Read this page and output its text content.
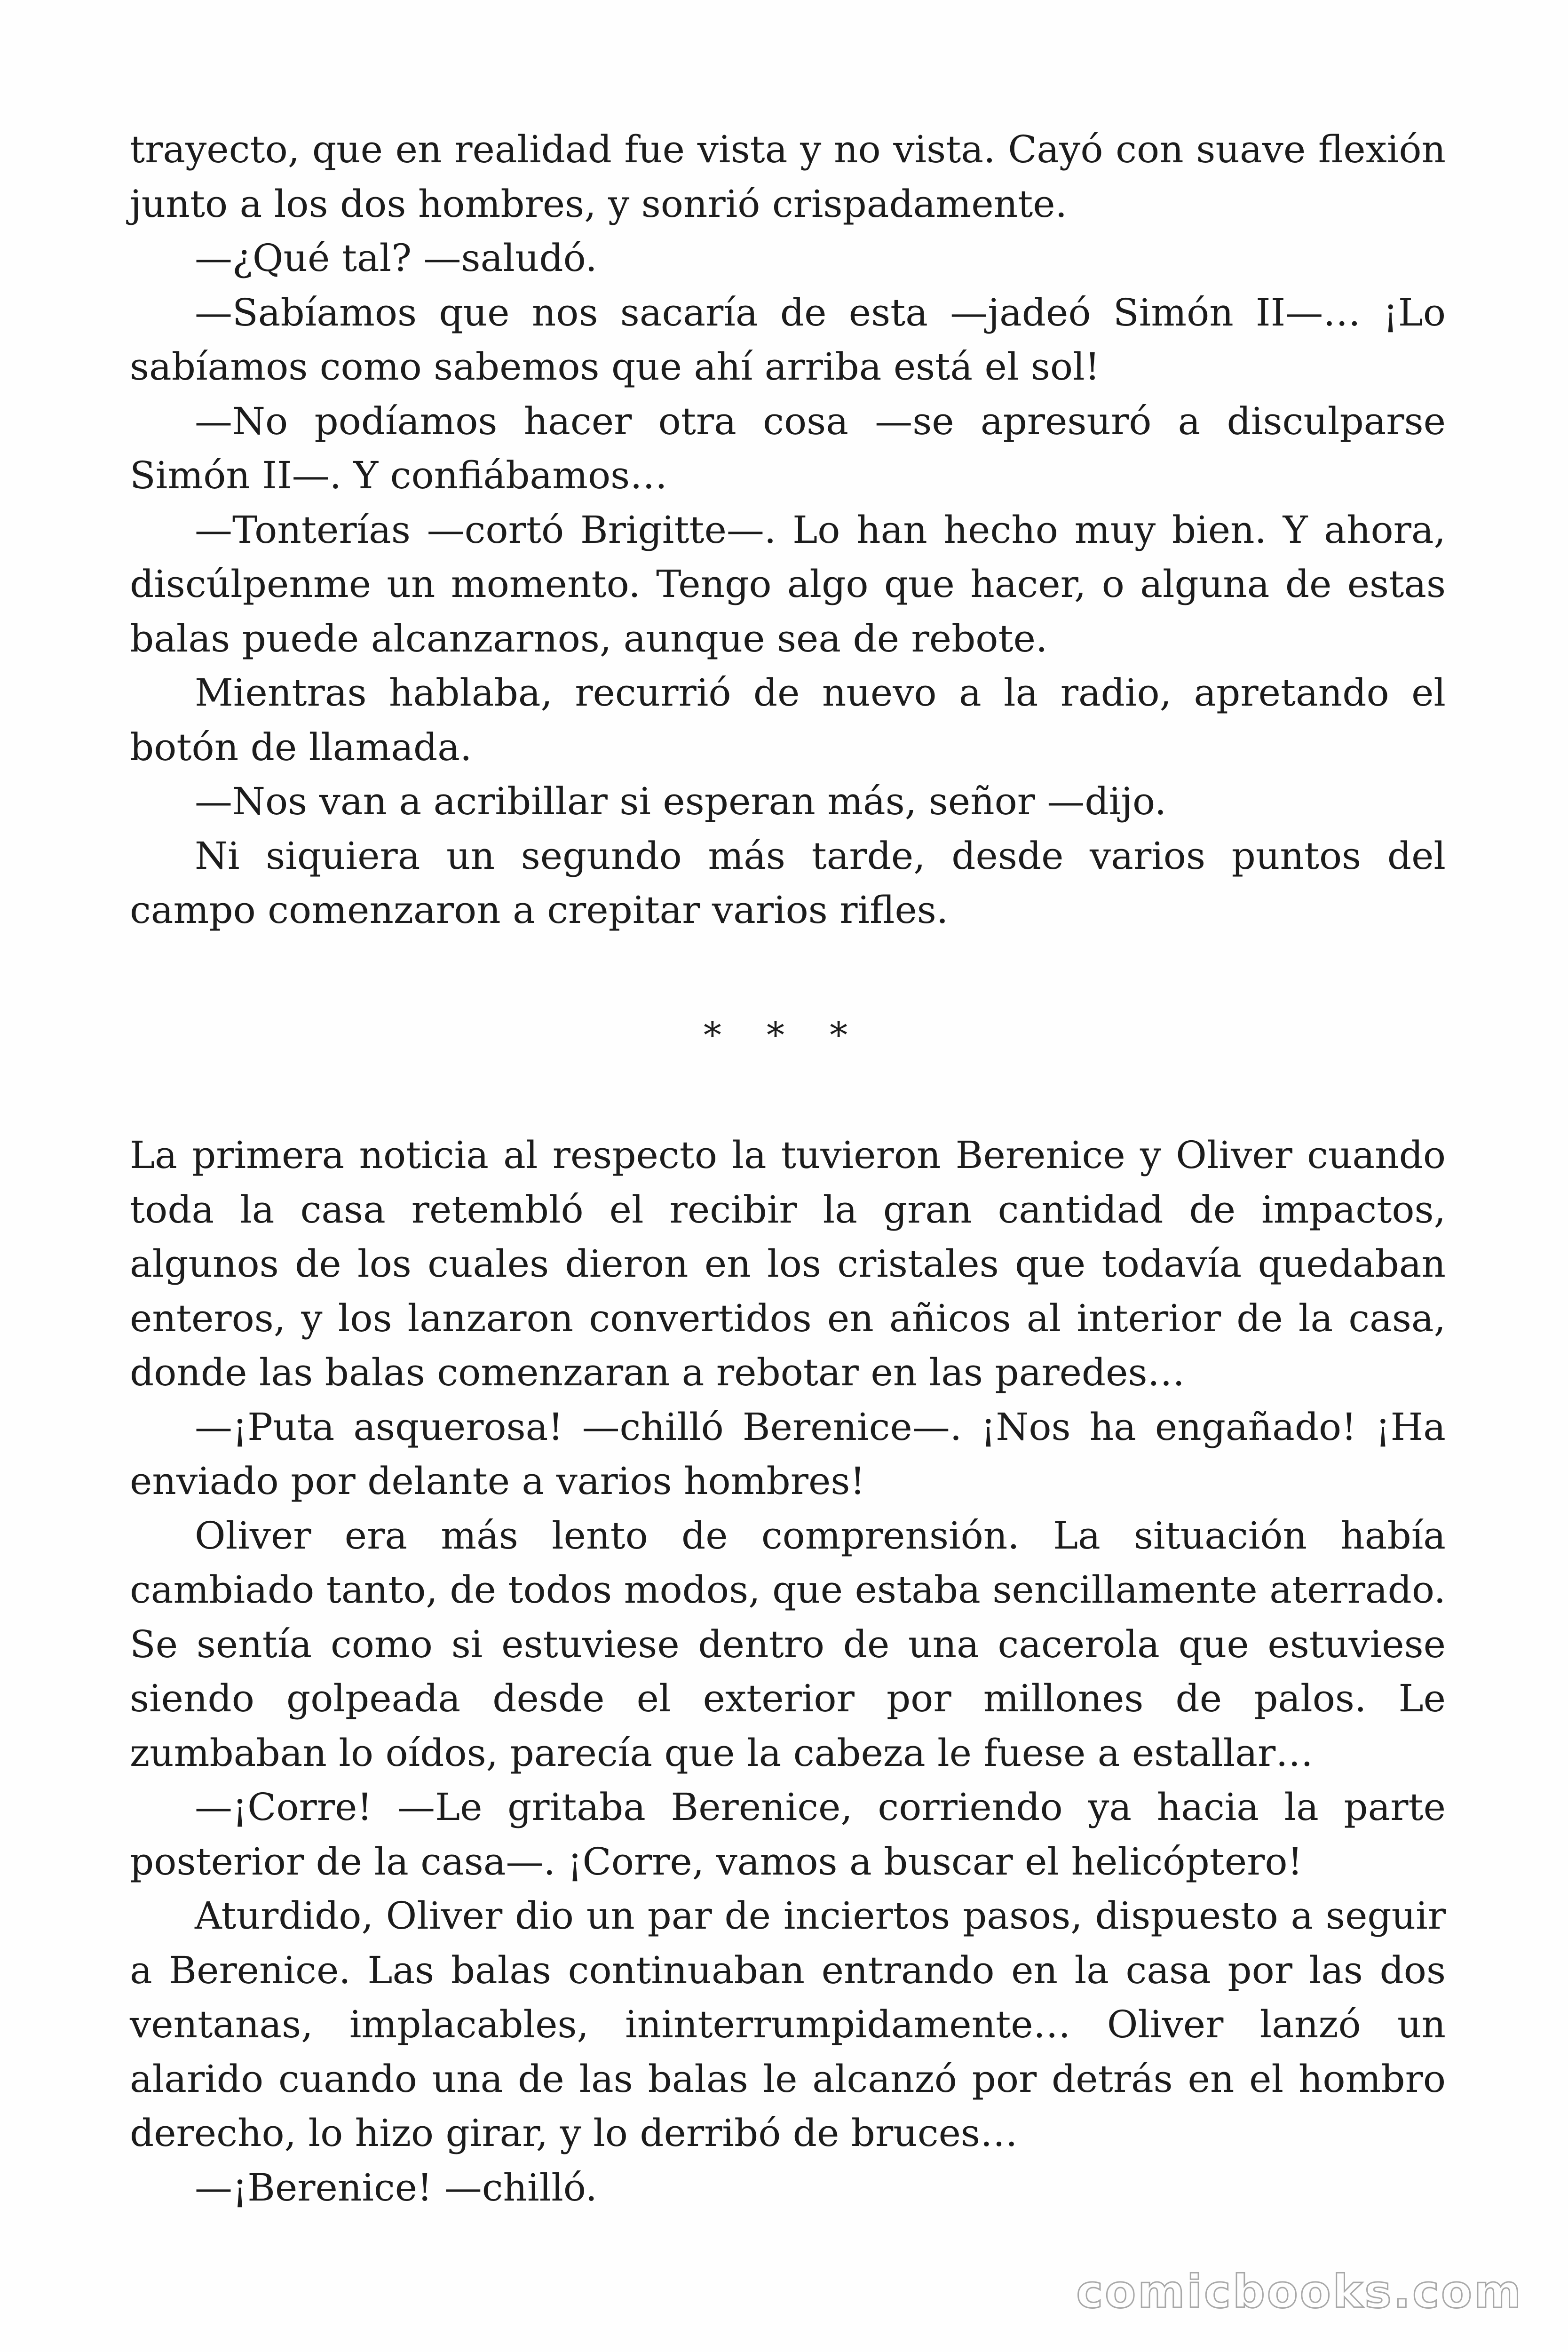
trayecto, que en realidad fue vista y no vista. Cayó con suave flexión junto a los dos hombres, y sonrió crispadamente.

—¿Qué tal? —saludó.

—Sabíamos que nos sacaría de esta —jadeó Simón II—… ¡Lo sabíamos como sabemos que ahí arriba está el sol!

—No podíamos hacer otra cosa —se apresuró a disculparse Simón II—. Y confiábamos…

—Tonterías —cortó Brigitte—. Lo han hecho muy bien. Y ahora, discúlpenme un momento. Tengo algo que hacer, o alguna de estas balas puede alcanzarnos, aunque sea de rebote.

Mientras hablaba, recurrió de nuevo a la radio, apretando el botón de llamada.

—Nos van a acribillar si esperan más, señor —dijo.

Ni siquiera un segundo más tarde, desde varios puntos del campo comenzaron a crepitar varios rifles.

* * *

La primera noticia al respecto la tuvieron Berenice y Oliver cuando toda la casa retembló el recibir la gran cantidad de impactos, algunos de los cuales dieron en los cristales que todavía quedaban enteros, y los lanzaron convertidos en añicos al interior de la casa, donde las balas comenzaran a rebotar en las paredes…

—¡Puta asquerosa! —chilló Berenice—. ¡Nos ha engañado! ¡Ha enviado por delante a varios hombres!

Oliver era más lento de comprensión. La situación había cambiado tanto, de todos modos, que estaba sencillamente aterrado. Se sentía como si estuviese dentro de una cacerola que estuviese siendo golpeada desde el exterior por millones de palos. Le zumbaban lo oídos, parecía que la cabeza le fuese a estallar…

—¡Corre! —Le gritaba Berenice, corriendo ya hacia la parte posterior de la casa—. ¡Corre, vamos a buscar el helicóptero!

Aturdido, Oliver dio un par de inciertos pasos, dispuesto a seguir a Berenice. Las balas continuaban entrando en la casa por las dos ventanas, implacables, ininterrumpidamente… Oliver lanzó un alarido cuando una de las balas le alcanzó por detrás en el hombro derecho, lo hizo girar, y lo derribó de bruces…

—¡Berenice! —chilló.

comicbooks.com
